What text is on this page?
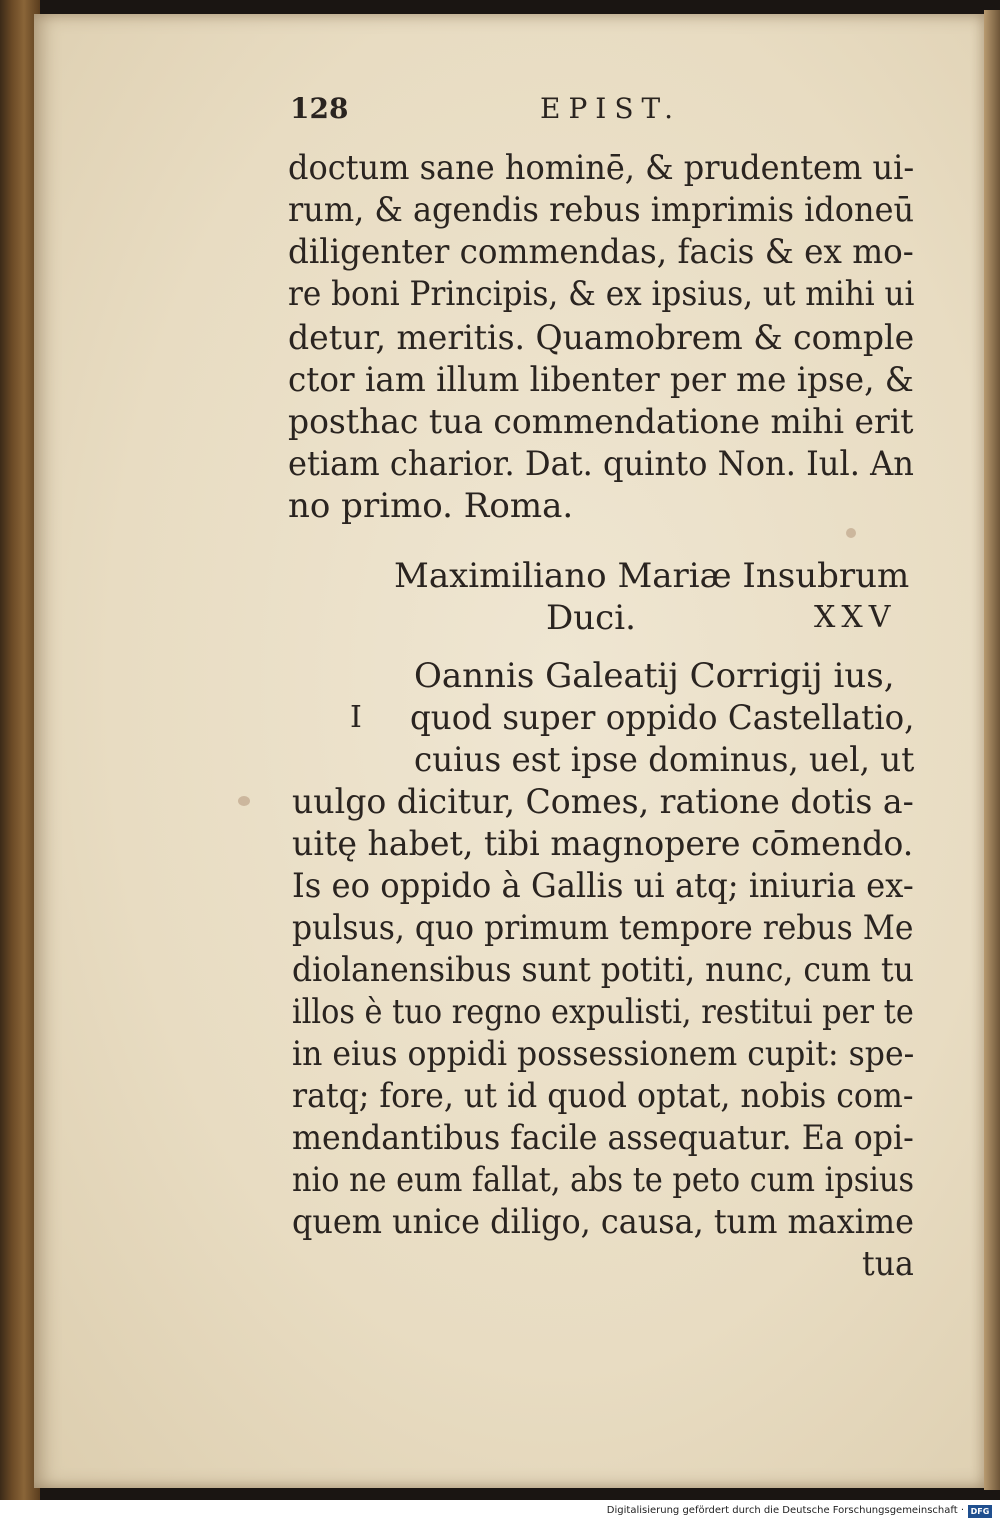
128	EPIST.
doctum sane hominē, & prudentem ui-
rum, & agendis rebus imprimis idoneū
diligenter commendas, facis & ex mo-
re boni Principis, & ex ipsius, ut mihi ui
detur, meritis. Quamobrem & comple
ctor iam illum libenter per me ipse, &
posthac tua commendatione mihi erit
etiam charior. Dat. quinto Non. Iul. An
no primo. Roma.
Maximiliano Mariæ Insubrum
Duci.	XXV
I
Oannis Galeatij Corrigij ius,
quod super oppido Castellatio,
cuius est ipse dominus, uel, ut
uulgo dicitur, Comes, ratione dotis a-
uitę habet, tibi magnopere cōmendo.
Is eo oppido à Gallis ui atq; iniuria ex-
pulsus, quo primum tempore rebus Me
diolanensibus sunt potiti, nunc, cum tu
illos è tuo regno expulisti, restitui per te
in eius oppidi possessionem cupit: spe-
ratq; fore, ut id quod optat, nobis com-
mendantibus facile assequatur. Ea opi-
nio ne eum fallat, abs te peto cum ipsius
quem unice diligo, causa, tum maxime
tua
Digitalisierung gefördert durch die Deutsche Forschungsgemeinschaft · DFG
